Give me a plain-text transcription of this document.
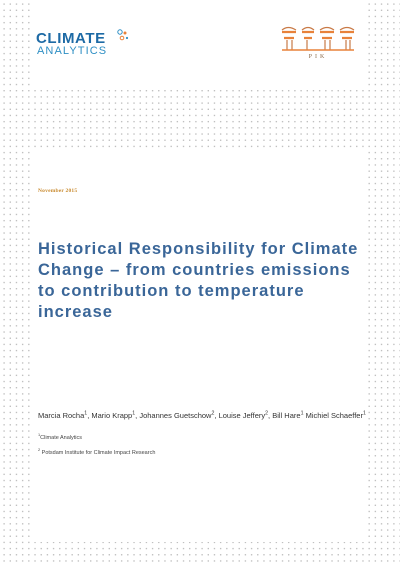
CLIMATE
ANALYTICS	PIK
November 2015
Historical Responsibility for Climate Change – from countries emissions to contribution to temperature increase
Marcia Rocha$^1$, Mario Krapp$^1$, Johannes Guetschow$^2$, Louise Jeffery$^2$, Bill Hare$^1$ Michiel Schaeffer$^1$
$^1$Climate Analytics
$^2$ Potsdam Institute for Climate Impact Research
